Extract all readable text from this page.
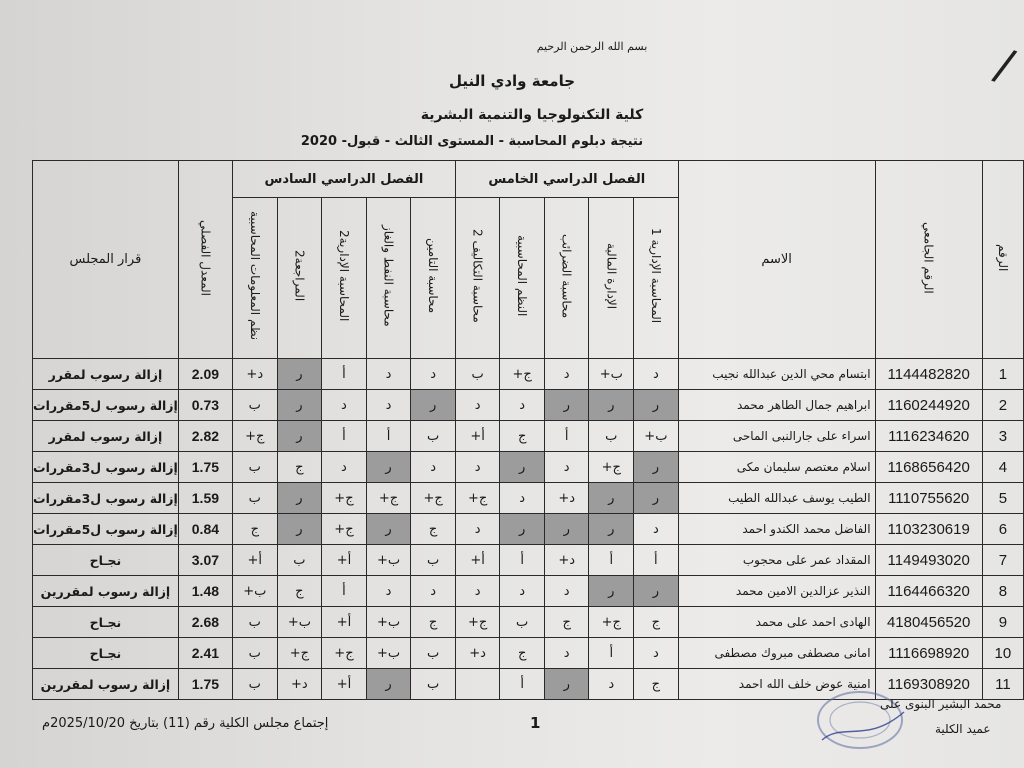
بسم الله الرحمن الرحيم
جامعة وادي النيل
كلية التكنولوجيا والتنمية البشرية
نتيجة دبلوم المحاسبة - المستوى الثالث - قبول- 2020
/
الرقم	الرقم الجامعي	الاسم	الفصل الدراسي الخامس					الفصل الدراسي السادس					المعدل الفصلي	قرار المجلس
			المحاسبة الإدارية 1	الإدارة المالية	محاسبة الضرائب	النظم المحاسبية	محاسبة التكاليف 2	محاسبة التامين	محاسبة النفط والغاز	المحاسبة الإدارية2	المراجعة2	نظم المعلومات المحاسبية		
1	1144482820	ابتسام محي الدين عبدالله نجيب	د	ب+	د	ج+	ب	د	د	أ	ر	د+	2.09	إزالة رسوب لمقرر
2	1160244920	ابراهيم جمال الطاهر محمد	ر	ر	ر	د	د	ر	د	د	ر	ب	0.73	إزالة رسوب ل5مقررات
3	1116234620	اسراء على جارالنبى الماحى	ب+	ب	أ	ج	أ+	ب	أ	أ	ر	ج+	2.82	إزالة رسوب لمقرر
4	1168656420	اسلام معتصم سليمان مكى	ر	ج+	د	ر	د	د	ر	د	ج	ب	1.75	إزالة رسوب ل3مقررات
5	1110755620	الطيب يوسف عبدالله الطيب	ر	ر	د+	د	ج+	ج+	ج+	ج+	ر	ب	1.59	إزالة رسوب ل3مقررات
6	1103230619	الفاضل محمد الكندو احمد	د	ر	ر	ر	د	ج	ر	ج+	ر	ج	0.84	إزالة رسوب ل5مقررات
7	1149493020	المقداد عمر على محجوب	أ	أ	د+	أ	أ+	ب	ب+	أ+	ب	أ+	3.07	نجـاح
8	1164466320	النذير عزالدين الامين محمد	ر	ر	د	د	د	د	د	أ	ج	ب+	1.48	إزالة رسوب لمقررين
9	4180456520	الهادى احمد على محمد	ج	ج+	ج	ب	ج+	ج	ب+	أ+	ب+	ب	2.68	نجـاح
10	1116698920	امانى مصطفى مبروك مصطفى	د	أ	د	ج	د+	ب	ب+	ج+	ج+	ب	2.41	نجـاح
11	1169308920	امنية عوض خلف الله احمد	ج	د	ر	أ		ب	ر	أ+	د+	ب	1.75	إزالة رسوب لمقررين
إجتماع مجلس الكلية رقم (11) بتاريخ 2025/10/20م	1
محمد البشير البنوى على
عميد الكلية
